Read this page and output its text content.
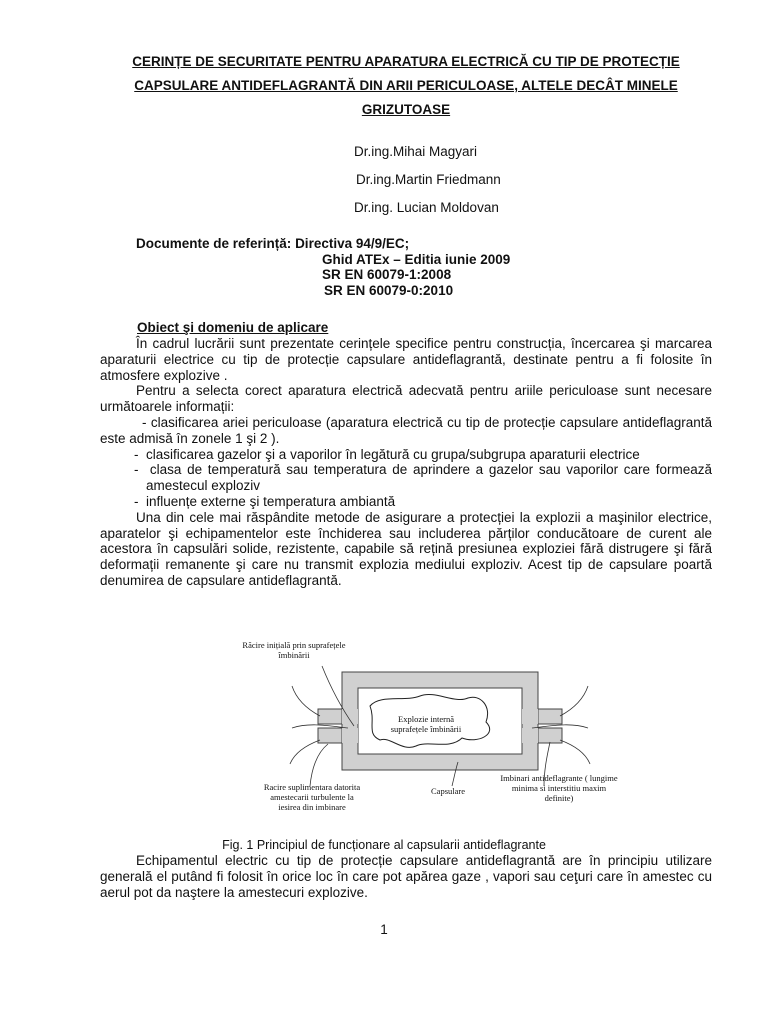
CERINȚE DE SECURITATE PENTRU APARATURA ELECTRICĂ CU TIP DE PROTECȚIE CAPSULARE ANTIDEFLAGRANTĂ DIN ARII PERICULOASE, ALTELE DECÂT MINELE GRIZUTOASE
Dr.ing.Mihai Magyari
Dr.ing.Martin Friedmann
Dr.ing. Lucian Moldovan
Documente de referință: Directiva 94/9/EC;
Ghid ATEx – Editia iunie 2009
SR EN 60079-1:2008
SR EN 60079-0:2010
Obiect şi domeniu de aplicare

În cadrul lucrării sunt prezentate cerințele specifice pentru construcția, încercarea şi marcarea aparaturii electrice cu tip de protecție capsulare antideflagrantă, destinate pentru a fi folosite în atmosfere explozive .

Pentru a selecta corect aparatura electrică adecvată pentru ariile periculoase sunt necesare următoarele informații:

- clasificarea ariei periculoase (aparatura electrică cu tip de protecție capsulare antideflagrantă este admisă în zonele 1 şi 2 ).

-  clasificarea gazelor şi a vaporilor în legătură cu grupa/subgrupa aparaturii electrice
-  clasa de temperatură sau temperatura de aprindere a gazelor sau vaporilor care formează amestecul exploziv
-  influențe externe şi temperatura ambiantă

Una din cele mai răspândite metode de asigurare a protecției la explozii a maşinilor electrice, aparatelor şi echipamentelor este închiderea sau includerea părților conducătoare de curent ale acestora în capsulări solide, rezistente, capabile să rețină presiunea exploziei fără distrugere şi fără deformații remanente şi care nu transmit explozia mediului exploziv. Acest tip de capsulare poartă denumirea de capsulare antideflagrantă.

Răcire inițială prin suprafețele îmbinării
Explozie internă suprafețele îmbinării
Racire suplimentara datorita amestecarii turbulente la iesirea din imbinare
Capsulare
Imbinari antideflagrante ( lungime minima si interstitiu maxim definite)
Fig. 1 Principiul de funcționare al capsularii antideflagrante

Echipamentul electric cu tip de protecție capsulare antideflagrantă are în principiu utilizare generală el putând fi folosit în orice loc în care pot apărea gaze , vapori sau ceţuri care în amestec cu aerul pot da naştere la amestecuri explozive.

1
